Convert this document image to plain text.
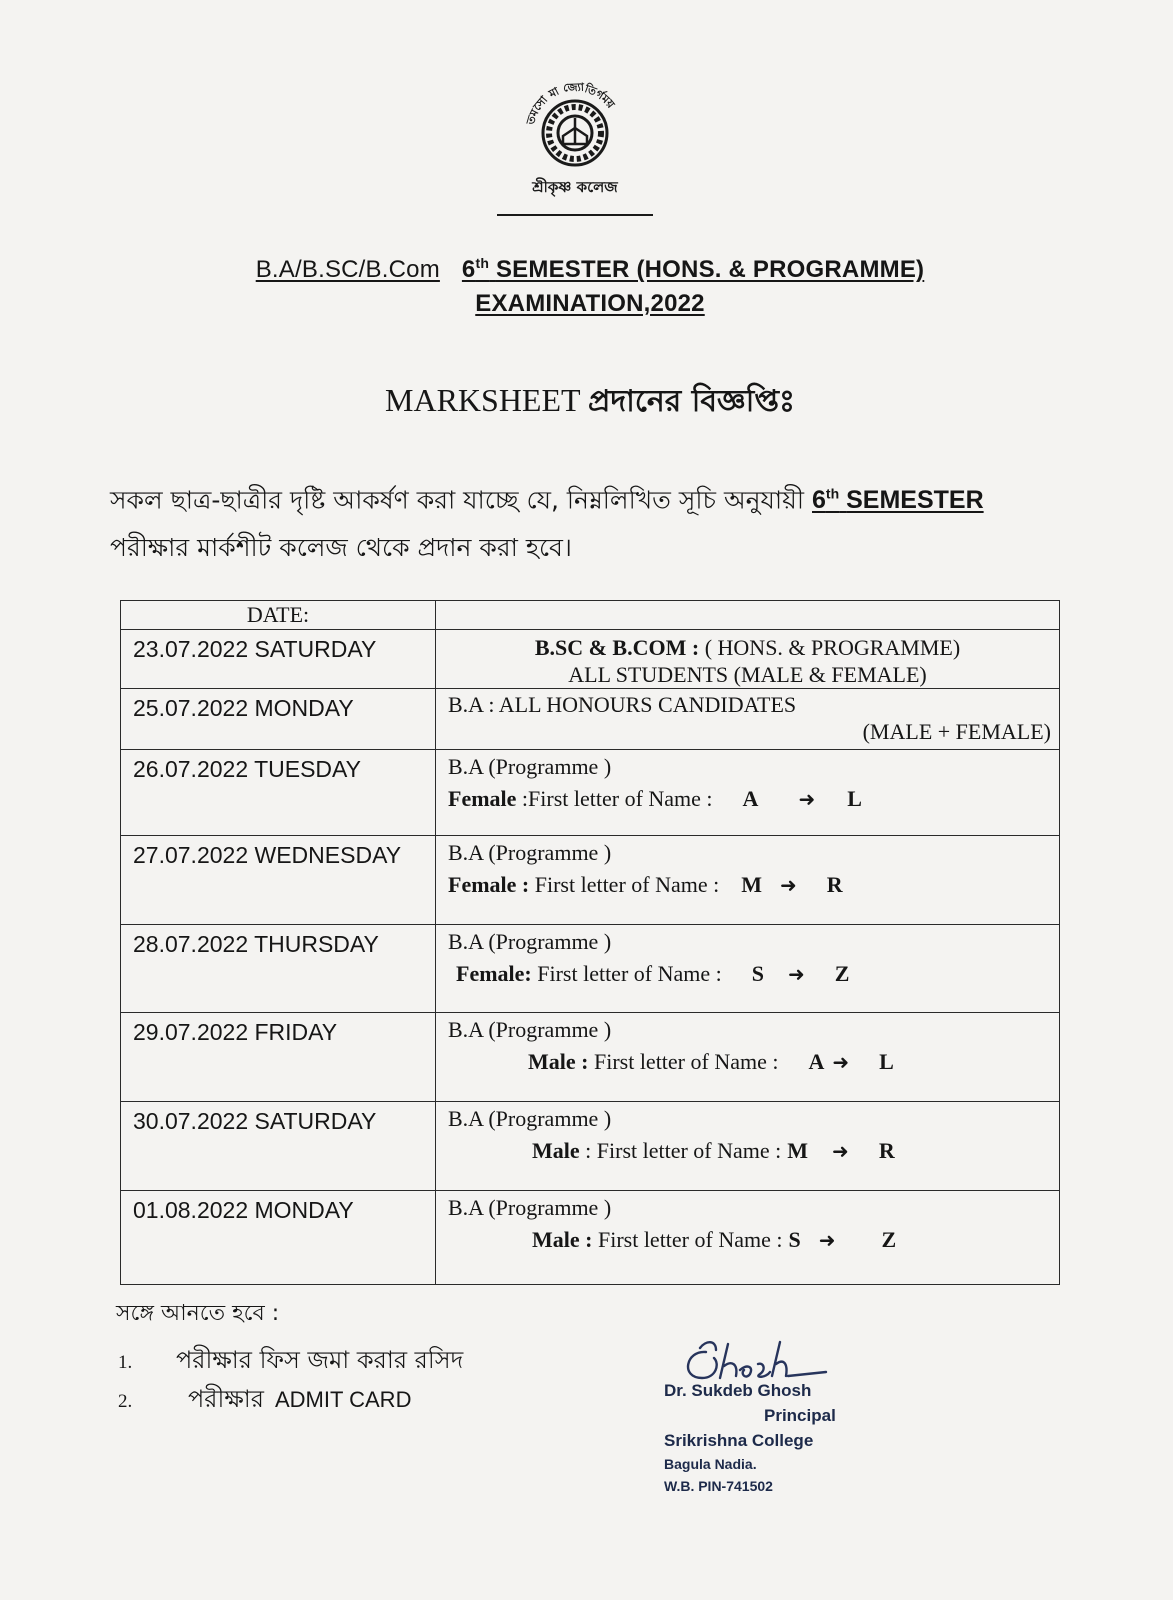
তমসো মা জ্যোতির্গময়
শ্রীকৃষ্ণ কলেজ
B.A/B.SC/B.Com 6th SEMESTER (HONS. & PROGRAMME)
EXAMINATION,2022
MARKSHEET প্রদানের বিজ্ঞপ্তিঃ
সকল ছাত্র-ছাত্রীর দৃষ্টি আকর্ষণ করা যাচ্ছে যে, নিম্নলিখিত সূচি অনুযায়ী 6th SEMESTER
পরীক্ষার মার্কশীট কলেজ থেকে প্রদান করা হবে।
DATE:	
23.07.2022 SATURDAY	B.SC & B.COM : ( HONS. & PROGRAMME)
ALL STUDENTS (MALE & FEMALE)

25.07.2022 MONDAY	B.A : ALL HONOURS CANDIDATES
(MALE + FEMALE)

26.07.2022 TUESDAY	B.A (Programme )
Female :First letter of Name : A ➜ L

27.07.2022 WEDNESDAY	B.A (Programme )
Female : First letter of Name : M ➜ R

28.07.2022 THURSDAY	B.A (Programme )
Female: First letter of Name : S ➜ Z

29.07.2022 FRIDAY	B.A (Programme )
Male : First letter of Name : A ➜ L

30.07.2022 SATURDAY	B.A (Programme )
Male : First letter of Name : M ➜ R

01.08.2022 MONDAY	B.A (Programme )
Male : First letter of Name : S ➜ Z
সঙ্গে আনতে হবে :
1. পরীক্ষার ফিস জমা করার রসিদ
2. পরীক্ষার ADMIT CARD	Dr. Sukdeb Ghosh
Principal
Srikrishna College
Bagula Nadia.
W.B. PIN-741502
